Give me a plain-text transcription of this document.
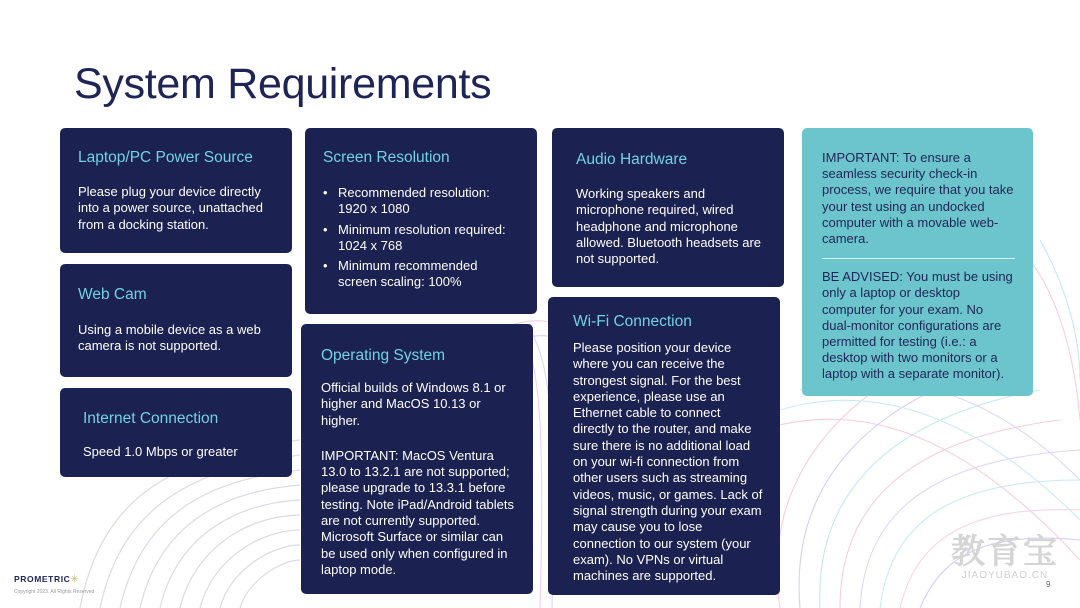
System Requirements
Laptop/PC Power Source

Please plug your device directly into a power source, unattached from a docking station.

Web Cam

Using a mobile device as a web camera is not supported.

Internet Connection

Speed 1.0 Mbps or greater

Screen Resolution
• Recommended resolution: 1920 x 1080
• Minimum resolution required: 1024 x 768
• Minimum recommended screen scaling: 100%
Operating System

Official builds of Windows 8.1 or higher and MacOS 10.13 or higher.

IMPORTANT: MacOS Ventura 13.0 to 13.2.1 are not supported; please upgrade to 13.3.1 before testing. Note iPad/Android tablets are not currently supported. Microsoft Surface or similar can be used only when configured in laptop mode.

Audio Hardware

Working speakers and microphone required, wired headphone and microphone allowed. Bluetooth headsets are not supported.

Wi-Fi Connection

Please position your device where you can receive the strongest signal. For the best experience, please use an Ethernet cable to connect directly to the router, and make sure there is no additional load on your wi-fi connection from other users such as streaming videos, music, or games. Lack of signal strength during your exam may cause you to lose connection to our system (your exam). No VPNs or virtual machines are supported.

IMPORTANT: To ensure a seamless security check-in process, we require that you take your test using an undocked computer with a movable web-camera.

BE ADVISED: You must be using only a laptop or desktop computer for your exam. No dual-monitor configurations are permitted for testing (i.e.: a desktop with two monitors or a laptop with a separate monitor).

PROMETRIC✳
Copyright 2023. All Rights Reserved
9
教育宝
JIAOYUBAO.CN
